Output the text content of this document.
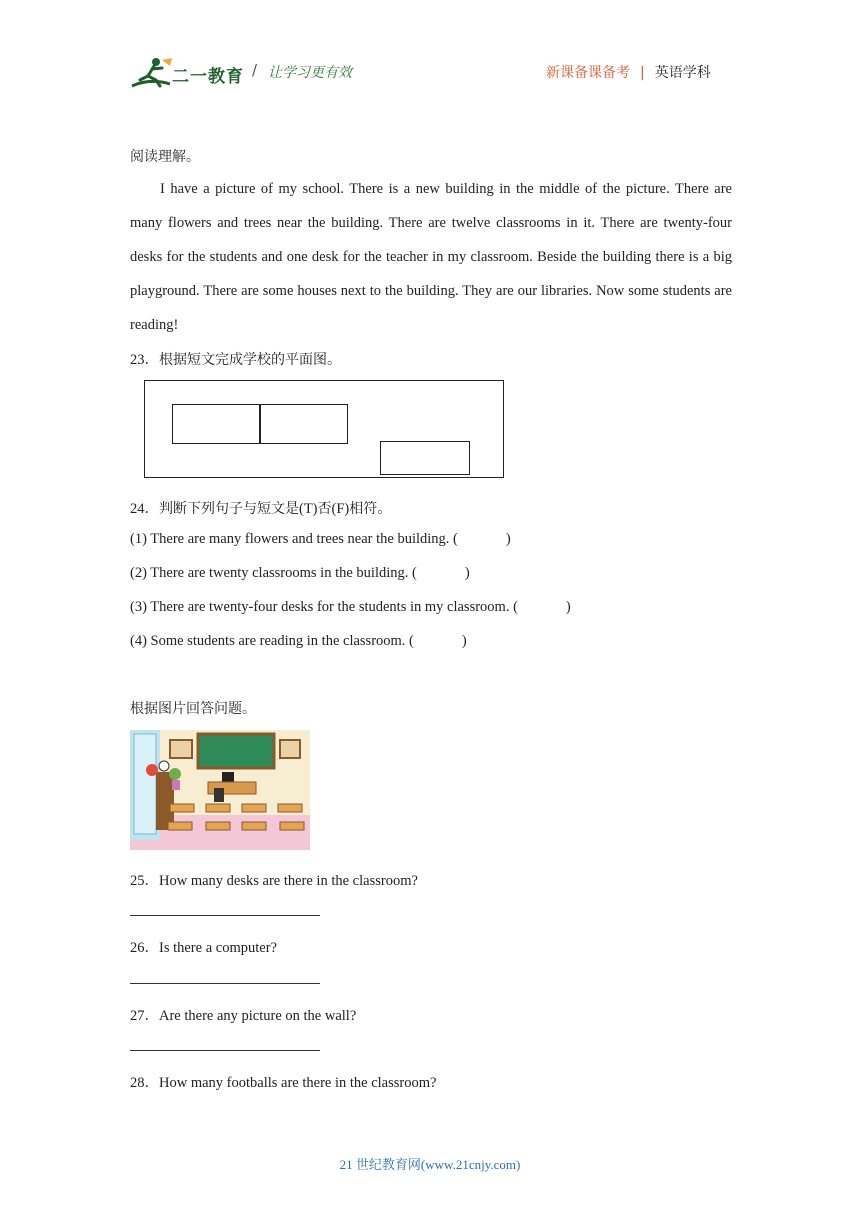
二一教育 / 让学习更有效	新课备课备考 | 英语学科
阅读理解。
I have a picture of my school. There is a new building in the middle of the picture. There are many flowers and trees near the building. There are twelve classrooms in it. There are twenty-four desks for the students and one desk for the teacher in my classroom. Beside the building there is a big playground. There are some houses next to the building. They are our libraries. Now some students are reading!
23．根据短文完成学校的平面图。
24．判断下列句子与短文是(T)否(F)相符。
(1) There are many flowers and trees near the building. (	)
(2) There are twenty classrooms in the building. (	)
(3) There are twenty-four desks for the students in my classroom. (	)
(4) Some students are reading in the classroom. (	)
根据图片回答问题。
25．How many desks are there in the classroom?
26．Is there a computer?
27．Are there any picture on the wall?
28．How many footballs are there in the classroom?
21 世纪教育网(www.21cnjy.com)
